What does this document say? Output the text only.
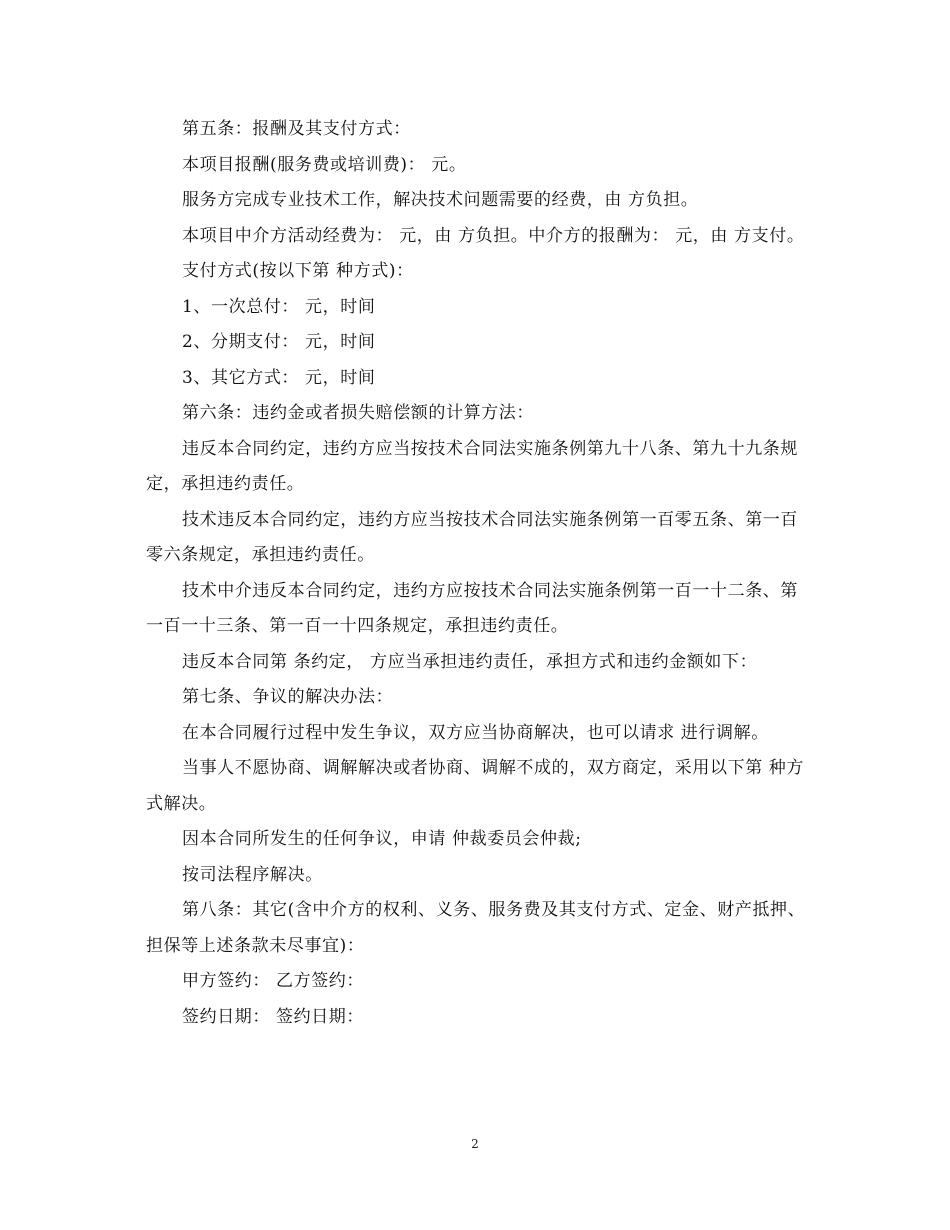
第五条：报酬及其支付方式：

本项目报酬(服务费或培训费)： 元。

服务方完成专业技术工作，解决技术问题需要的经费，由 方负担。

本项目中介方活动经费为： 元，由 方负担。中介方的报酬为： 元，由 方支付。

支付方式(按以下第 种方式)：

1、一次总付： 元，时间

2、分期支付： 元，时间

3、其它方式： 元，时间

第六条：违约金或者损失赔偿额的计算方法：

违反本合同约定，违约方应当按技术合同法实施条例第九十八条、第九十九条规定，承担违约责任。

技术违反本合同约定，违约方应当按技术合同法实施条例第一百零五条、第一百零六条规定，承担违约责任。

技术中介违反本合同约定，违约方应按技术合同法实施条例第一百一十二条、第一百一十三条、第一百一十四条规定，承担违约责任。

违反本合同第 条约定， 方应当承担违约责任，承担方式和违约金额如下：

第七条、争议的解决办法：

在本合同履行过程中发生争议，双方应当协商解决，也可以请求 进行调解。

当事人不愿协商、调解解决或者协商、调解不成的，双方商定，采用以下第 种方式解决。

因本合同所发生的任何争议，申请 仲裁委员会仲裁;

按司法程序解决。

第八条：其它(含中介方的权利、义务、服务费及其支付方式、定金、财产抵押、担保等上述条款未尽事宜)：

甲方签约： 乙方签约：

签约日期： 签约日期：

2
